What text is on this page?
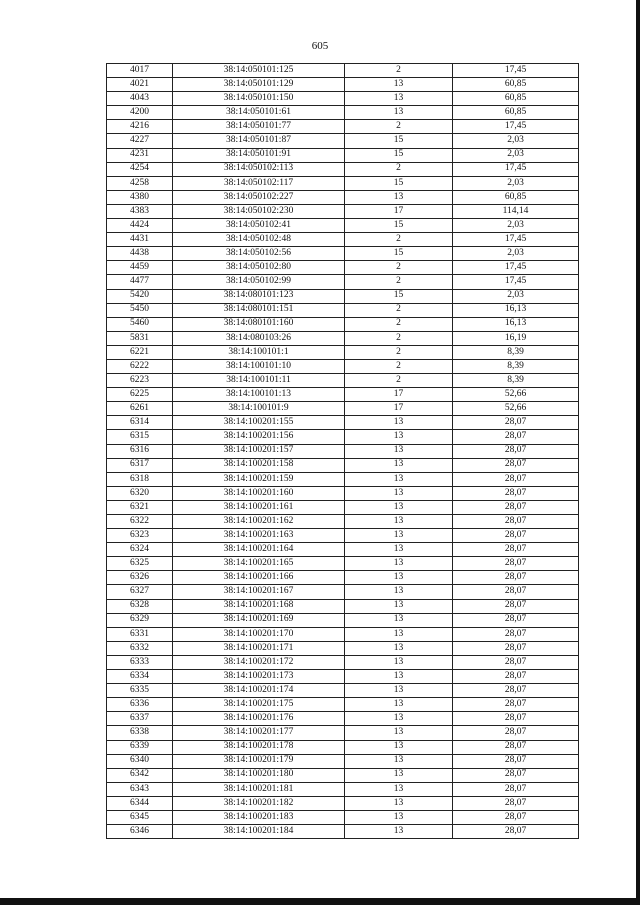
605
4017	38:14:050101:125	2	17,45
4021	38:14:050101:129	13	60,85
4043	38:14:050101:150	13	60,85
4200	38:14:050101:61	13	60,85
4216	38:14:050101:77	2	17,45
4227	38:14:050101:87	15	2,03
4231	38:14:050101:91	15	2,03
4254	38:14:050102:113	2	17,45
4258	38:14:050102:117	15	2,03
4380	38:14:050102:227	13	60,85
4383	38:14:050102:230	17	114,14
4424	38:14:050102:41	15	2,03
4431	38:14:050102:48	2	17,45
4438	38:14:050102:56	15	2,03
4459	38:14:050102:80	2	17,45
4477	38:14:050102:99	2	17,45
5420	38:14:080101:123	15	2,03
5450	38:14:080101:151	2	16,13
5460	38:14:080101:160	2	16,13
5831	38:14:080103:26	2	16,19
6221	38:14:100101:1	2	8,39
6222	38:14:100101:10	2	8,39
6223	38:14:100101:11	2	8,39
6225	38:14:100101:13	17	52,66
6261	38:14:100101:9	17	52,66
6314	38:14:100201:155	13	28,07
6315	38:14:100201:156	13	28,07
6316	38:14:100201:157	13	28,07
6317	38:14:100201:158	13	28,07
6318	38:14:100201:159	13	28,07
6320	38:14:100201:160	13	28,07
6321	38:14:100201:161	13	28,07
6322	38:14:100201:162	13	28,07
6323	38:14:100201:163	13	28,07
6324	38:14:100201:164	13	28,07
6325	38:14:100201:165	13	28,07
6326	38:14:100201:166	13	28,07
6327	38:14:100201:167	13	28,07
6328	38:14:100201:168	13	28,07
6329	38:14:100201:169	13	28,07
6331	38:14:100201:170	13	28,07
6332	38:14:100201:171	13	28,07
6333	38:14:100201:172	13	28,07
6334	38:14:100201:173	13	28,07
6335	38:14:100201:174	13	28,07
6336	38:14:100201:175	13	28,07
6337	38:14:100201:176	13	28,07
6338	38:14:100201:177	13	28,07
6339	38:14:100201:178	13	28,07
6340	38:14:100201:179	13	28,07
6342	38:14:100201:180	13	28,07
6343	38:14:100201:181	13	28,07
6344	38:14:100201:182	13	28,07
6345	38:14:100201:183	13	28,07
6346	38:14:100201:184	13	28,07
